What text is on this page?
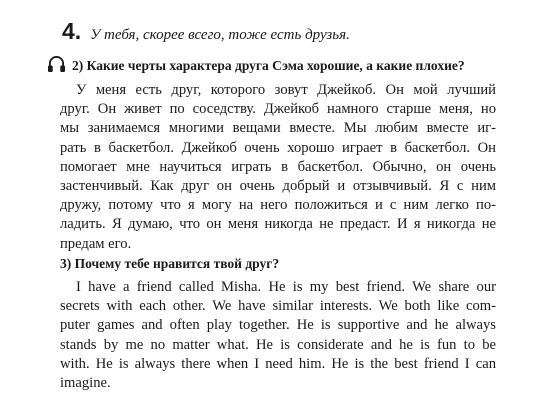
4. У тебя, скорее всего, тоже есть друзья.
2) Какие черты характера друга Сэма хорошие, а какие плохие?
У меня есть друг, которого зовут Джейкоб. Он мой лучший
друг. Он живет по соседству. Джейкоб намного старше меня, но
мы занимаемся многими вещами вместе. Мы любим вместе иг-
рать в баскетбол. Джейкоб очень хорошо играет в баскетбол. Он
помогает мне научиться играть в баскетбол. Обычно, он очень
застенчивый. Как друг он очень добрый и отзывчивый. Я с ним
дружу, потому что я могу на него положиться и с ним легко по-
ладить. Я думаю, что он меня никогда не предаст. И я никогда не
предам его.
3) Почему тебе нравится твой друг?
I have a friend called Misha. He is my best friend. We share our
secrets with each other. We have similar interests. We both like com-
puter games and often play together. He is supportive and he always
stands by me no matter what. He is considerate and he is fun to be
with. He is always there when I need him. He is the best friend I can
imagine.
